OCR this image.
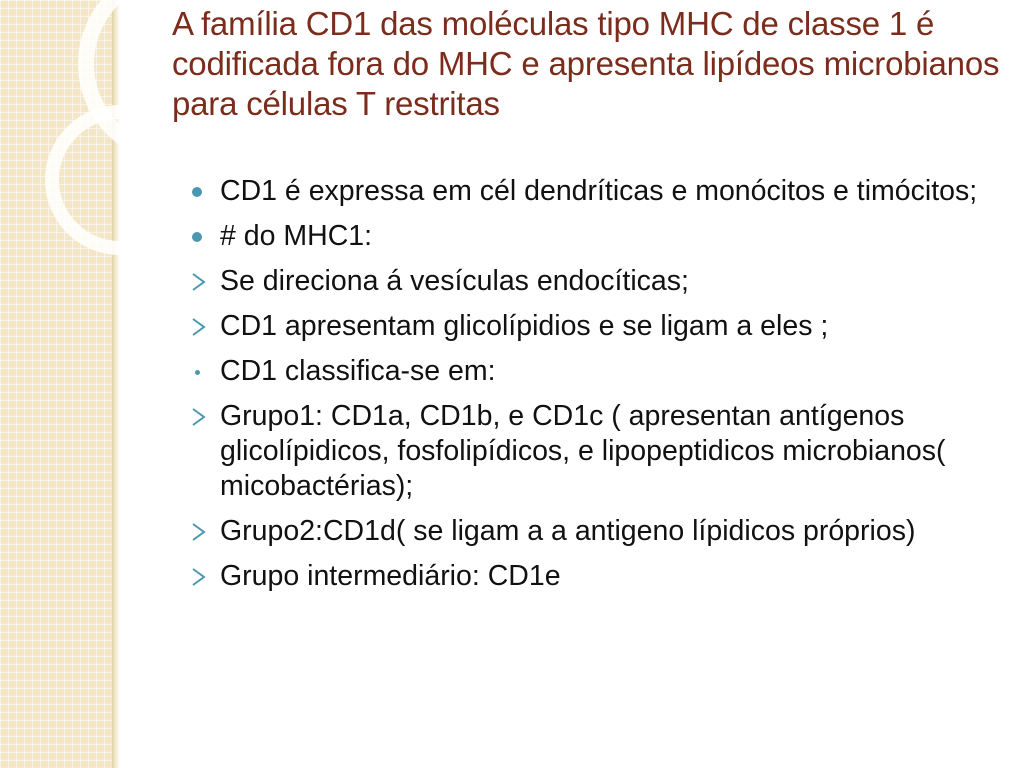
A família CD1 das moléculas tipo MHC de classe 1 é codificada fora do MHC e apresenta lipídeos microbianos para células T restritas
CD1 é expressa em cél dendríticas e monócitos e timócitos;
# do MHC1:
Se direciona á vesículas endocíticas;
CD1 apresentam glicolípidios e se ligam a eles ;
CD1 classifica-se em:
Grupo1: CD1a, CD1b, e CD1c ( apresentan antígenos glicolípidicos, fosfolipídicos, e lipopeptidicos microbianos( micobactérias);
Grupo2:CD1d( se ligam a a antigeno lípidicos próprios)
Grupo intermediário: CD1e
